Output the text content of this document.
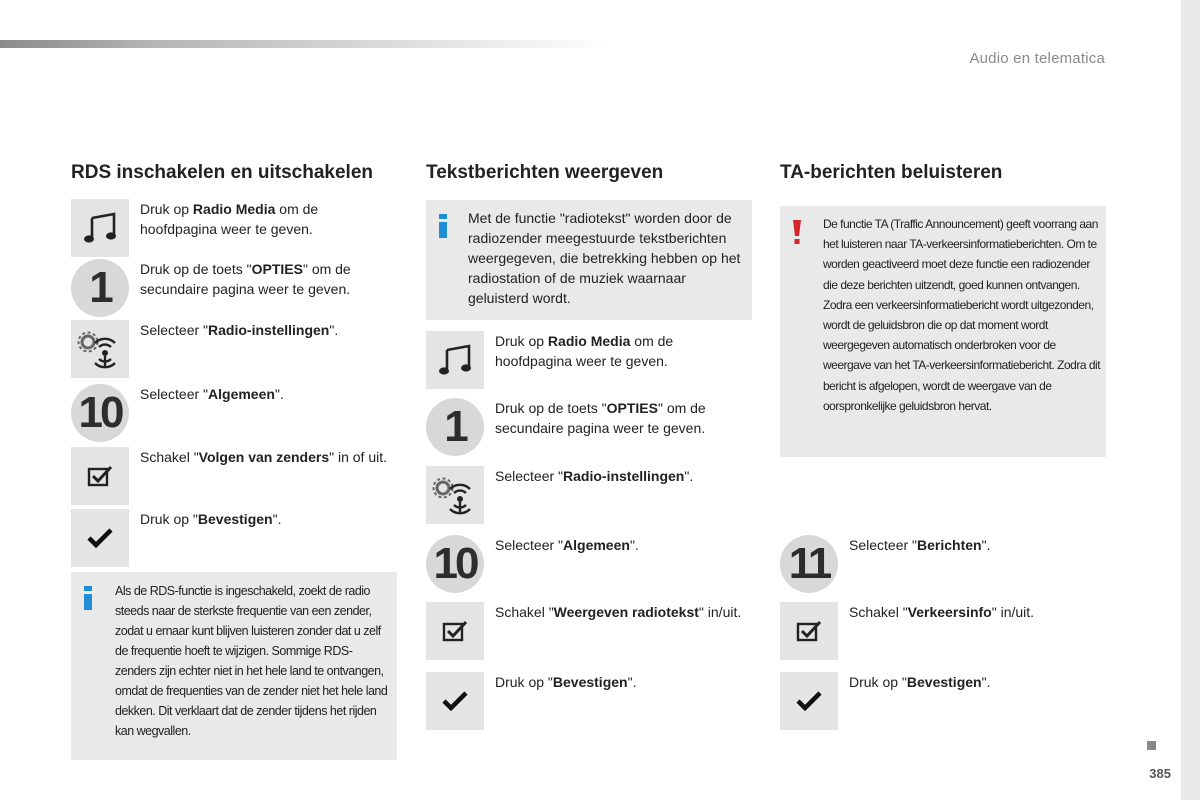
Audio en telematica
RDS inschakelen en uitschakelen
Druk op Radio Media om de hoofdpagina weer te geven.
1	Druk op de toets "OPTIES" om de secundaire pagina weer te geven.
Selecteer "Radio-instellingen".
10	Selecteer "Algemeen".
Schakel "Volgen van zenders" in of uit.
Druk op "Bevestigen".
Als de RDS-functie is ingeschakeld, zoekt de radio steeds naar de sterkste frequentie van een zender, zodat u ernaar kunt blijven luisteren zonder dat u zelf de frequentie hoeft te wijzigen. Sommige RDS-zenders zijn echter niet in het hele land te ontvangen, omdat de frequenties van de zender niet het hele land dekken. Dit verklaart dat de zender tijdens het rijden kan wegvallen.
Tekstberichten weergeven
Met de functie "radiotekst" worden door de radiozender meegestuurde tekstberichten weergegeven, die betrekking hebben op het radiostation of de muziek waarnaar geluisterd wordt.
Druk op Radio Media om de hoofdpagina weer te geven.
1	Druk op de toets "OPTIES" om de secundaire pagina weer te geven.
Selecteer "Radio-instellingen".
10	Selecteer "Algemeen".
Schakel "Weergeven radiotekst" in/uit.
Druk op "Bevestigen".
TA-berichten beluisteren
De functie TA (Traffic Announcement) geeft voorrang aan het luisteren naar TA-verkeersinformatieberichten. Om te worden geactiveerd moet deze functie een radiozender die deze berichten uitzendt, goed kunnen ontvangen. Zodra een verkeersinformatiebericht wordt uitgezonden, wordt de geluidsbron die op dat moment wordt weergegeven automatisch onderbroken voor de weergave van het TA-verkeersinformatiebericht. Zodra dit bericht is afgelopen, wordt de weergave van de oorspronkelijke geluidsbron hervat.
11	Selecteer "Berichten".
Schakel "Verkeersinfo" in/uit.
Druk op "Bevestigen".
385
